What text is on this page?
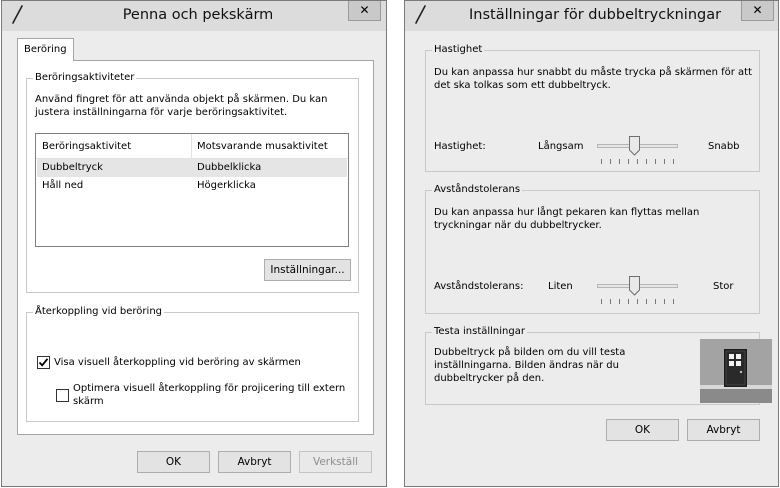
Penna och pekskärm	✕
Beröring
Beröringsaktiviteter
Använd fingret för att använda objekt på skärmen. Du kan justera inställningarna för varje beröringsaktivitet.
Beröringsaktivitet	Motsvarande musaktivitet
Dubbeltryck	Dubbelklicka
Håll ned	Högerklicka
Inställningar...
Återkoppling vid beröring
Visa visuell återkoppling vid beröring av skärmen
Optimera visuell återkoppling för projicering till extern skärm
OK	Avbryt	Verkställ
Inställningar för dubbeltryckningar	✕
Hastighet
Du kan anpassa hur snabbt du måste trycka på skärmen för att det ska tolkas som ett dubbeltryck.
Hastighet:	Långsam	Snabb
Avståndstolerans
Du kan anpassa hur långt pekaren kan flyttas mellan tryckningar när du dubbeltrycker.
Avståndstolerans: Liten	Stor
Testa inställningar
Dubbeltryck på bilden om du vill testa inställningarna. Bilden ändras när du dubbeltrycker på den.
OK	Avbryt
